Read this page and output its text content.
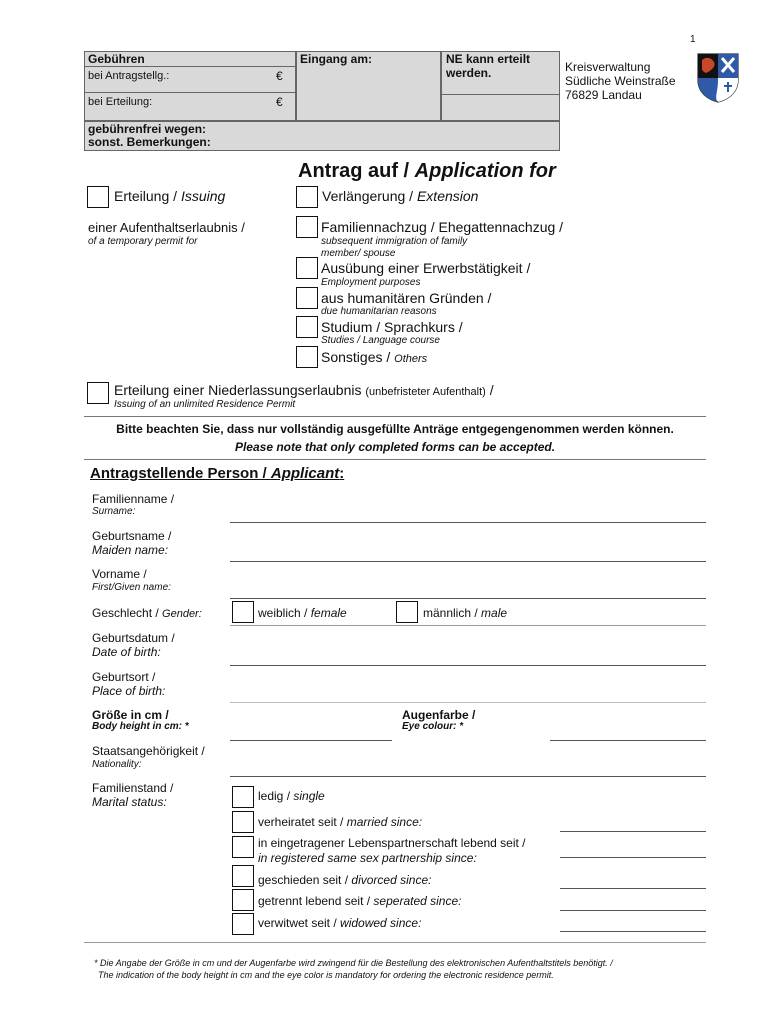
1
Gebühren
bei Antragstellg.:	€
bei Erteilung:	€
Eingang am:	NE kann erteilt werden.
gebührenfrei wegen:
sonst. Bemerkungen:
Kreisverwaltung
Südliche Weinstraße
76829 Landau
Antrag auf / Application for
Erteilung / Issuing	Verlängerung / Extension
einer Aufenthaltserlaubnis /
of a temporary permit for
Familiennachzug / Ehegattennachzug /
subsequent immigration of family
member/ spouse
Ausübung einer Erwerbstätigkeit /
Employment purposes
aus humanitären Gründen /
due humanitarian reasons
Studium / Sprachkurs /
Studies / Language course
Sonstiges / Others
Erteilung einer Niederlassungserlaubnis (unbefristeter Aufenthalt) /
Issuing of an unlimited Residence Permit
Bitte beachten Sie, dass nur vollständig ausgefüllte Anträge entgegengenommen werden können.
Please note that only completed forms can be accepted.
Antragstellende Person / Applicant:
Familienname /
Surname:
Geburtsname /
Maiden name:
Vorname /
First/Given name:
Geschlecht / Gender:	weiblich / female	männlich / male
Geburtsdatum /
Date of birth:
Geburtsort /
Place of birth:
Größe in cm /
Body height in cm: *
Augenfarbe /
Eye colour: *
Staatsangehörigkeit /
Nationality:
Familienstand /
Marital status:	ledig / single
verheiratet seit / married since:
in eingetragener Lebenspartnerschaft lebend seit /
in registered same sex partnership since:
geschieden seit / divorced since:
getrennt lebend seit / seperated since:
verwitwet seit / widowed since:
* Die Angabe der Größe in cm und der Augenfarbe wird zwingend für die Bestellung des elektronischen Aufenthaltstitels benötigt. /
The indication of the body height in cm and the eye color is mandatory for ordering the electronic residence permit.
